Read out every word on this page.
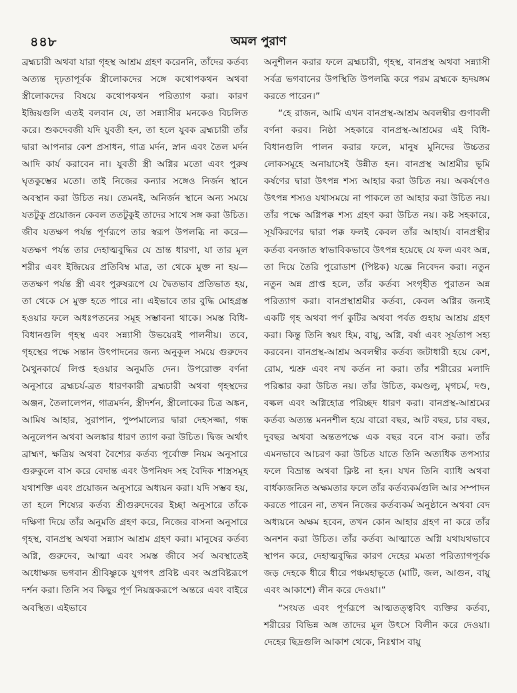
৪৪৮	অমল পুরাণ

ব্রহ্মচারী অথবা যারা গৃহস্থ আশ্রম গ্রহণ করেননি, তাঁদের কর্তব্য অত্যন্ত দৃঢ়তাপূর্বক স্ত্রীলোকদের সঙ্গে কথোপকথন অথবা স্ত্রীলোকদের বিষয়ে কথোপকথন পরিত্যাগ করা। কারণ ইন্দ্রিয়গুলি এতই বলবান যে, তা সন্ন্যাসীর মনকেও বিচলিত করে। শুকদেবজী যদি যুবতী হন, তা হলে যুবক ব্রহ্মচারী তাঁর দ্বারা আপনার কেশ প্রসাধন, গাত্র মর্দন, স্নান এবং তৈল মর্দন আদি কার্য করাবেন না। যুবতী স্ত্রী অগ্নির মতো এবং পুরুষ ঘৃতকুম্ভের মতো। তাই নিজের কন্যার সঙ্গেও নির্জন স্থানে অবস্থান করা উচিত নয়। তেমনই, অনির্জন স্থানে অন্য সময়ে যতটুকু প্রয়োজন কেবল ততটুকুই তাদের সাথে সঙ্গ করা উচিত। জীব যতক্ষণ পর্যন্ত পূর্ণরূপে তার স্বরূপ উপলব্ধি না করে—যতক্ষণ পর্যন্ত তার দেহাত্মবুদ্ধির যে ভ্রান্ত ধারণা, যা তার মূল শরীর এবং ইন্দ্রিয়ের প্রতিবিম্ব মাত্র, তা থেকে মুক্ত না হয়—ততক্ষণ পর্যন্ত স্ত্রী এবং পুরুষরূপে যে দ্বৈতভাব প্রতিভাত হয়, তা থেকে সে মুক্ত হতে পারে না। এইভাবে তার বুদ্ধি মোহগ্রস্ত হওয়ার ফলে অধঃপতনের সমূহ সম্ভাবনা থাকে। সমস্ত বিধি-বিধানগুলি গৃহস্থ এবং সন্ন্যাসী উভয়েরই পালনীয়। তবে, গৃহস্থের পক্ষে সন্তান উৎপাদনের জন্য অনুকূল সময়ে গুরুদেব মৈথুনকার্যে লিপ্ত হওয়ার অনুমতি দেন। উপরোক্ত বর্ণনা অনুসারে ব্রহ্মচর্য-ব্রত ধারণকারী ব্রহ্মচারী অথবা গৃহস্থদের অঞ্জন, তৈলালেপন, গাত্রমর্দন, স্ত্রীদর্শন, স্ত্রীলোকের চিত্র অঙ্কন, আমিষ আহার, সুরাপান, পুষ্পমাল্যের দ্বারা দেহসজ্জা, গন্ধ অনুলেপন অথবা অলঙ্কার ধারণ ত্যাগ করা উচিত। দ্বিজ অর্থাৎ ব্রাহ্মণ, ক্ষত্রিয় অথবা বৈশ্যের কর্তব্য পূর্বোক্ত নিয়ম অনুসারে গুরুকুলে বাস করে বেদান্ত এবং উপনিষদ সহ বৈদিক শাস্ত্রসমূহ যথাশক্তি এবং প্রয়োজন অনুসারে অধ্যয়ন করা। যদি সম্ভব হয়, তা হলে শিষ্যের কর্তব্য শ্রীগুরুদেবের ইচ্ছা অনুসারে তাঁকে দক্ষিণা দিয়ে তাঁর অনুমতি গ্রহণ করে, নিজের বাসনা অনুসারে গৃহস্থ, বানপ্রস্থ অথবা সন্ন্যাস আশ্রম গ্রহণ করা। মানুষের কর্তব্য অগ্নি, গুরুদেব, আত্মা এবং সমস্ত জীবে সর্ব অবস্থাতেই অধোক্ষজ ভগবান শ্রীবিষ্ণুকে যুগপৎ প্রবিষ্ট এবং অপ্রবিষ্টরূপে দর্শন করা। তিনি সব কিছুর পূর্ণ নিয়ন্ত্রকরূপে অন্তরে এবং বাইরে অবস্থিত। এইভাবে

অনুশীলন করার ফলে ব্রহ্মচারী, গৃহস্থ, বানপ্রস্থ অথবা সন্ন্যাসী সর্বত্র ভগবানের উপস্থিতি উপলব্ধি করে পরম ব্রহ্মকে হৃদয়ঙ্গম করতে পারেন।”

“হে রাজন, আমি এখন বানপ্রস্থ-আশ্রম অবলম্বীর গুণাবলী বর্ণনা করব। নিষ্ঠা সহকারে বানপ্রস্থ-আশ্রমের এই বিধি-বিধানগুলি পালন করার ফলে, মানুষ মুনিদের উচ্চতর লোকসমূহে অনায়াসেই উন্নীত হন। বানপ্রস্থ আশ্রমীর ভূমি কর্ষণের দ্বারা উৎপন্ন শস্য আহার করা উচিত নয়। অকর্ষণেও উৎপন্ন শস্যও যথাসময়ে না পাকলে তা আহার করা উচিত নয়। তাঁর পক্ষে অগ্নিপক্ক শস্য গ্রহণ করা উচিত নয়। কষ্ট সহকারে, সূর্যকিরণের দ্বারা পক্ক ফলই কেবল তাঁর আহার্য। বানপ্রস্থীর কর্তব্য বনজাত স্বাভাবিকভাবে উৎপন্ন হয়েছে যে ফল এবং অন্ন, তা দিয়ে তৈরি পুরোডাশ (পিষ্টক) যজ্ঞে নিবেদন করা। নতুন নতুন অন্ন প্রাপ্ত হলে, তাঁর কর্তব্য সংগৃহীত পুরাতন অন্ন পরিত্যাগ করা। বানপ্রস্থাশ্রমীর কর্তব্য, কেবল অগ্নির জন্যই একটি গৃহ অথবা পর্ণ কুটির অথবা পর্বত গুহায় আশ্রয় গ্রহণ করা। কিন্তু তিনি স্বয়ং হিম, বায়ু, অগ্নি, বর্ষা এবং সূর্যতাপ সহ্য করবেন। বানপ্রস্থ-আশ্রম অবলম্বীর কর্তব্য জটাধারী হয়ে কেশ, রোম, শ্মশ্রু এবং নখ কর্তন না করা। তাঁর শরীরের মলাদি পরিষ্কার করা উচিত নয়। তাঁর উচিত, কমণ্ডলু, মৃগচর্ম, দণ্ড, বল্কল এবং অগ্নিহোত্র পরিচ্ছদ ধারণ করা। বানপ্রস্থ-আশ্রমের কর্তব্য অত্যন্ত মননশীল হয়ে বারো বছর, আট বছর, চার বছর, দুবছর অথবা অন্ততপক্ষে এক বছর বনে বাস করা। তাঁর এমনভাবে আচরণ করা উচিত যাতে তিনি অত্যধিক তপস্যার ফলে বিভ্রান্ত অথবা ক্লিষ্ট না হন। যখন তিনি ব্যাধি অথবা বার্ধক্যজনিত অক্ষমতার ফলে তাঁর কর্তব্যকর্মগুলি আর সম্পাদন করতে পারেন না, তখন নিজের কর্তব্যকর্ম অনুষ্ঠানে অথবা বেদ অধ্যয়নে অক্ষম হবেন, তখন কোন আহার গ্রহণ না করে তাঁর অনশন করা উচিত। তাঁর কর্তব্য আত্মাতে অগ্নি যথাযথভাবে স্থাপন করে, দেহাত্মবুদ্ধির কারণ দেহের মমতা পরিত্যাগপূর্বক জড় দেহকে ধীরে ধীরে পঞ্চমহাভূতে (মাটি, জল, আগুন, বায়ু এবং আকাশে) লীন করে দেওয়া।”

“সংযত এবং পূর্ণরূপে আত্মতত্ত্ববিৎ ব্যক্তির কর্তব্য, শরীরের বিভিন্ন অঙ্গ তাদের মূল উৎসে বিলীন করে দেওয়া। দেহের ছিদ্রগুলি আকাশ থেকে, নিঃশ্বাস বায়ু
